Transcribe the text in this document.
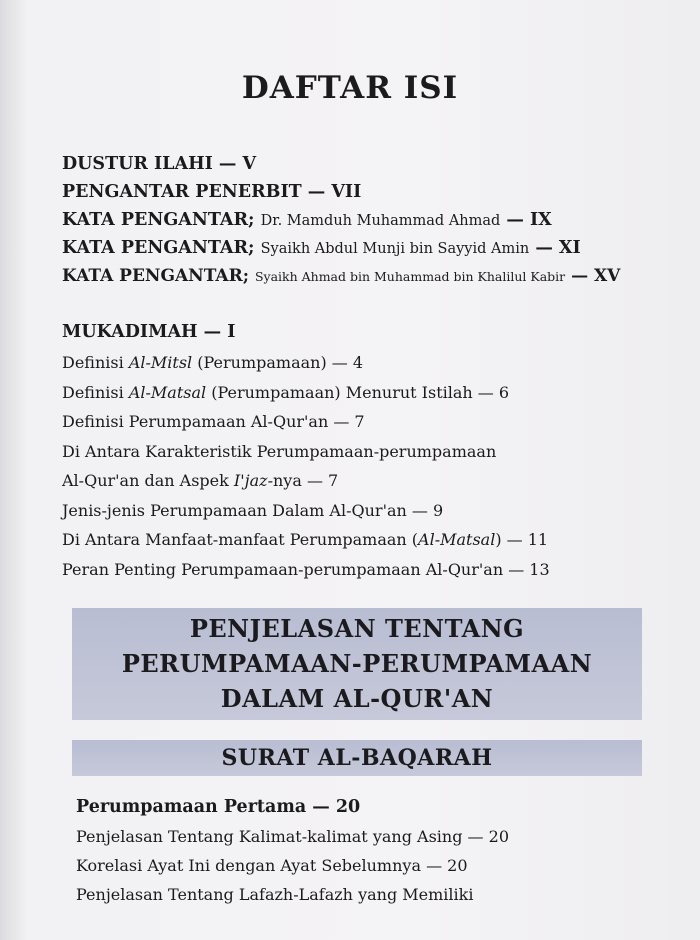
DAFTAR ISI
DUSTUR ILAHI — V
PENGANTAR PENERBIT — VII
KATA PENGANTAR; Dr. Mamduh Muhammad Ahmad — IX
KATA PENGANTAR; Syaikh Abdul Munji bin Sayyid Amin — XI
KATA PENGANTAR; Syaikh Ahmad bin Muhammad bin Khalilul Kabir — XV
MUKADIMAH — I
Definisi Al-Mitsl (Perumpamaan) — 4
Definisi Al-Matsal (Perumpamaan) Menurut Istilah — 6
Definisi Perumpamaan Al-Qur'an — 7
Di Antara Karakteristik Perumpamaan-perumpamaan
Al-Qur'an dan Aspek I'jaz-nya — 7
Jenis-jenis Perumpamaan Dalam Al-Qur'an — 9
Di Antara Manfaat-manfaat Perumpamaan (Al-Matsal) — 11
Peran Penting Perumpamaan-perumpamaan Al-Qur'an — 13
PENJELASAN TENTANG
PERUMPAMAAN-PERUMPAMAAN
DALAM AL-QUR'AN
SURAT AL-BAQARAH
Perumpamaan Pertama — 20
Penjelasan Tentang Kalimat-kalimat yang Asing — 20
Korelasi Ayat Ini dengan Ayat Sebelumnya — 20
Penjelasan Tentang Lafazh-Lafazh yang Memiliki
